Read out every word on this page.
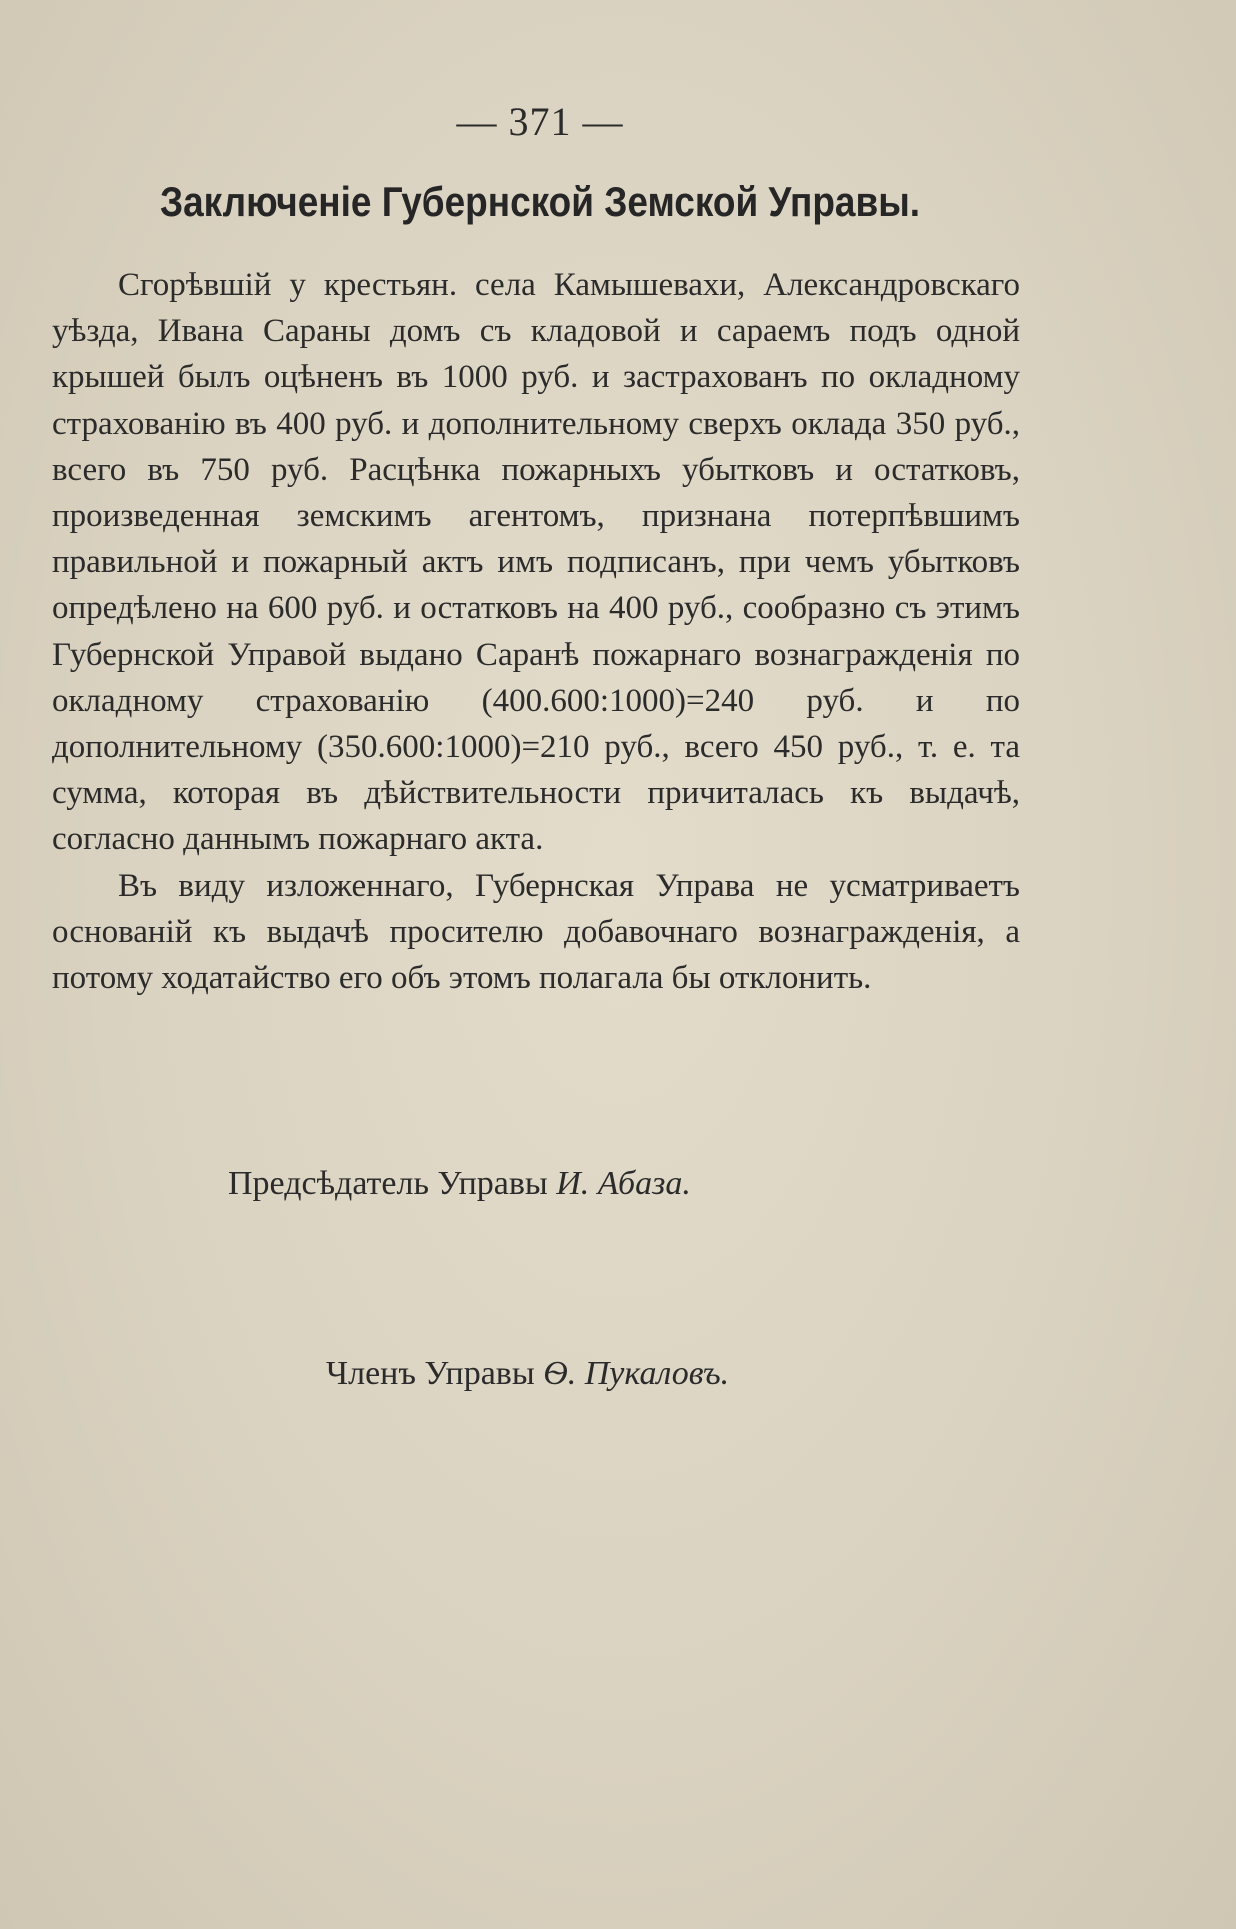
— 371 —
Заключенiе Губернской Земской Управы.

Сгорѣвшiй у крестьян. села Камышевахи, Александровскаго уѣзда, Ивана Сараны домъ съ кладовой и сараемъ подъ одной крышей былъ оцѣненъ въ 1000 руб. и застрахованъ по окладному страхованiю въ 400 руб. и дополнительному сверхъ оклада 350 руб., всего въ 750 руб. Расцѣнка пожарныхъ убытковъ и остатковъ, произведенная земскимъ агентомъ, признана потерпѣвшимъ правильной и пожарный актъ имъ подписанъ, при чемъ убытковъ опредѣлено на 600 руб. и остатковъ на 400 руб., сообразно съ этимъ Губернской Управой выдано Саранѣ пожарнаго вознагражденiя по окладному страхованiю (400.600:1000)=240 руб. и по дополнительному (350.600:1000)=210 руб., всего 450 руб., т. е. та сумма, которая въ дѣйствительности причиталась къ выдачѣ, согласно даннымъ пожарнаго акта.

Въ виду изложеннаго, Губернская Управа не усматриваетъ основанiй къ выдачѣ просителю добавочнаго вознагражденiя, а потому ходатайство его объ этомъ полагала бы отклонить.

Предсѣдатель Управы И. Абаза.
Членъ Управы Ѳ. Пукаловъ.
